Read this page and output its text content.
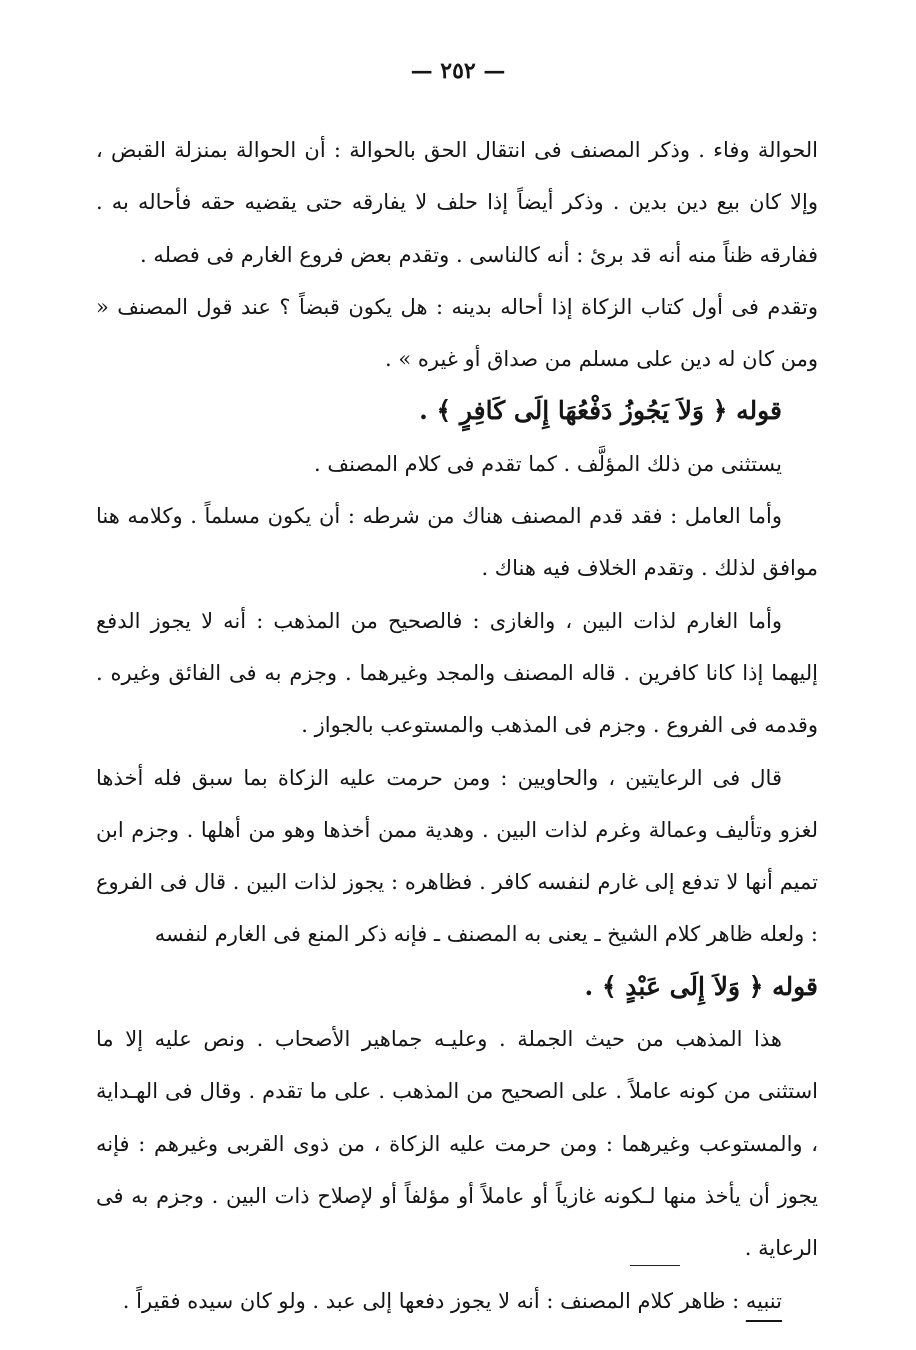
— ٢٥٢ —

الحوالة وفاء . وذكر المصنف فى انتقال الحق بالحوالة : أن الحوالة بمنزلة القبض ، وإلا كان بيع دين بدين . وذكر أيضاً إذا حلف لا يفارقه حتى يقضيه حقه فأحاله به . ففارقه ظناً منه أنه قد برئ : أنه كالناسى . وتقدم بعض فروع الغارم فى فصله .

وتقدم فى أول كتاب الزكاة إذا أحاله بدينه : هل يكون قبضاً ؟ عند قول المصنف « ومن كان له دين على مسلم من صداق أو غيره » .

قوله ﴿ وَلاَ يَجُوزُ دَفْعُهَا إِلَى كَافِرٍ ﴾ .

يستثنى من ذلك المؤلَّف . كما تقدم فى كلام المصنف .

وأما العامل : فقد قدم المصنف هناك من شرطه : أن يكون مسلماً . وكلامه هنا موافق لذلك . وتقدم الخلاف فيه هناك .

وأما الغارم لذات البين ، والغازى : فالصحيح من المذهب : أنه لا يجوز الدفع إليهما إذا كانا كافرين . قاله المصنف والمجد وغيرهما . وجزم به فى الفائق وغيره . وقدمه فى الفروع . وجزم فى المذهب والمستوعب بالجواز .

قال فى الرعايتين ، والحاويين : ومن حرمت عليه الزكاة بما سبق فله أخذها لغزو وتأليف وعمالة وغرم لذات البين . وهدية ممن أخذها وهو من أهلها . وجزم ابن تميم أنها لا تدفع إلى غارم لنفسه كافر . فظاهره : يجوز لذات البين . قال فى الفروع : ولعله ظاهر كلام الشيخ ـ يعنى به المصنف ـ فإنه ذكر المنع فى الغارم لنفسه

قوله ﴿ وَلاَ إِلَى عَبْدٍ ﴾ .

هذا المذهب من حيث الجملة . وعليـه جماهير الأصحاب . ونص عليه إلا ما استثنى من كونه عاملاً . على الصحيح من المذهب . على ما تقدم . وقال فى الهـداية ، والمستوعب وغيرهما : ومن حرمت عليه الزكاة ، من ذوى القربى وغيرهم : فإنه يجوز أن يأخذ منها لـكونه غازياً أو عاملاً أو مؤلفاً أو لإصلاح ذات البين . وجزم به فى الرعاية .

تنبيه : ظاهر كلام المصنف : أنه لا يجوز دفعها إلى عبد . ولو كان سيده فقيراً .
